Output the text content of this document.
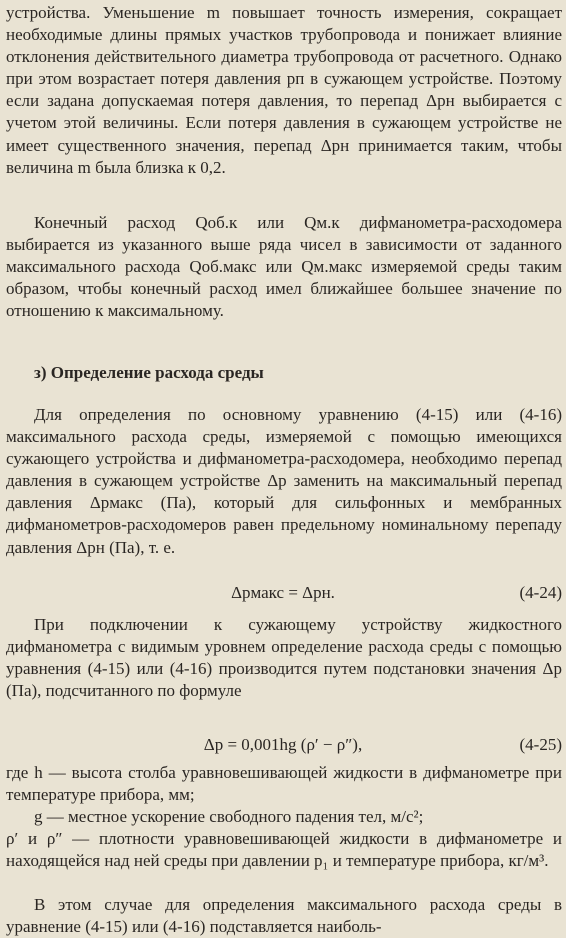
устройства. Уменьшение m повышает точность измерения, сокращает необходимые длины прямых участков трубопровода и понижает влияние отклонения действительного диаметра трубопровода от расчетного. Однако при этом возрастает потеря давления pп в сужающем устройстве. Поэтому если задана допускаемая потеря давления, то перепад Δpн выбирается с учетом этой величины. Если потеря давления в сужающем устройстве не имеет существенного значения, перепад Δpн принимается таким, чтобы величина m была близка к 0,2.
Конечный расход Qоб.к или Qм.к дифманометра-расходомера выбирается из указанного выше ряда чисел в зависимости от заданного максимального расхода Qоб.макс или Qм.макс измеряемой среды таким образом, чтобы конечный расход имел ближайшее большее значение по отношению к максимальному.
з) Определение расхода среды
Для определения по основному уравнению (4-15) или (4-16) максимального расхода среды, измеряемой с помощью имеющихся сужающего устройства и дифманометра-расходомера, необходимо перепад давления в сужающем устройстве Δp заменить на максимальный перепад давления Δpмакс (Па), который для сильфонных и мембранных дифманометров-расходомеров равен предельному номинальному перепаду давления Δpн (Па), т. е.
Δpмакс = Δpн.	(4-24)
При подключении к сужающему устройству жидкостного дифманометра с видимым уровнем определение расхода среды с помощью уравнения (4-15) или (4-16) производится путем подстановки значения Δp (Па), подсчитанного по формуле
Δp = 0,001hg (ρ′ − ρ″),	(4-25)
где h — высота столба уравновешивающей жидкости в дифманометре при температуре прибора, мм;
g — местное ускорение свободного падения тел, м/с²;
ρ′ и ρ″ — плотности уравновешивающей жидкости в дифманометре и находящейся над ней среды при давлении p₁ и температуре прибора, кг/м³.
В этом случае для определения максимального расхода среды в уравнение (4-15) или (4-16) подставляется наиболь-
